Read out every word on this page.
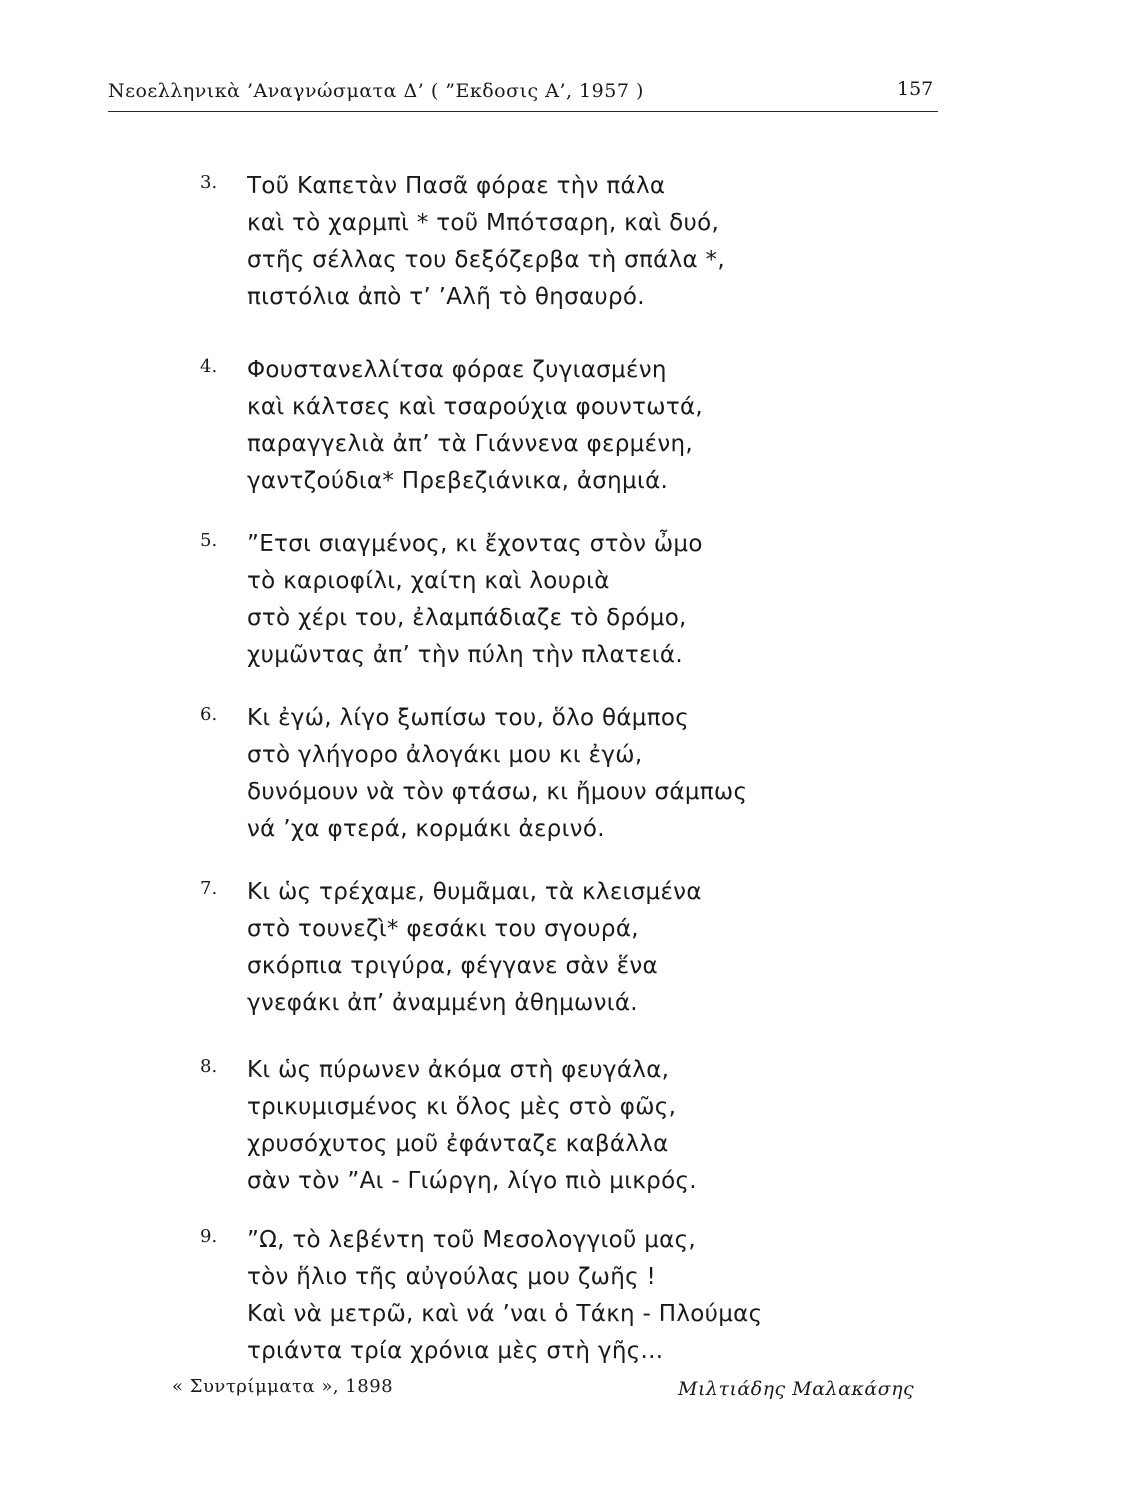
Νεοελληνικὰ ’Αναγνώσματα Δ’ ( ”Εκδοσις Α’, 1957 )	157
3. Τοῦ Καπετὰν Πασᾶ φόραε τὴν πάλα
καὶ τὸ χαρμπὶ * τοῦ Μπότσαρη, καὶ δυό,
στῆς σέλλας του δεξόζερβα τὴ σπάλα *,
πιστόλια ἀπὸ τ’ ’Αλῆ τὸ θησαυρό.
4. Φουστανελλίτσα φόραε ζυγιασμένη
καὶ κάλτσες καὶ τσαρούχια φουντωτά,
παραγγελιὰ ἀπ’ τὰ Γιάννενα φερμένη,
γαντζούδια* Πρεβεζιάνικα, ἀσημιά.
5. ”Ετσι σιαγμένος, κι ἔχοντας στὸν ὦμο
τὸ καριοφίλι, χαίτη καὶ λουριὰ
στὸ χέρι του, ἐλαμπάδιαζε τὸ δρόμο,
χυμῶντας ἀπ’ τὴν πύλη τὴν πλατειά.
6. Κι ἐγώ, λίγο ξωπίσω του, ὅλο θάμπος
στὸ γλήγορο ἀλογάκι μου κι ἐγώ,
δυνόμουν νὰ τὸν φτάσω, κι ἤμουν σάμπως
νά ’χα φτερά, κορμάκι ἀερινό.
7. Κι ὡς τρέχαμε, θυμᾶμαι, τὰ κλεισμένα
στὸ τουνεζὶ* φεσάκι του σγουρά,
σκόρπια τριγύρα, φέγγανε σὰν ἕνα
γνεφάκι ἀπ’ ἀναμμένη ἀθημωνιά.
8. Κι ὡς πύρωνεν ἀκόμα στὴ φευγάλα,
τρικυμισμένος κι ὅλος μὲς στὸ φῶς,
χρυσόχυτος μοῦ ἐφάνταζε καβάλλα
σὰν τὸν ”Αι - Γιώργη, λίγο πιὸ μικρός.
9. ”Ω, τὸ λεβέντη τοῦ Μεσολογγιοῦ μας,
τὸν ἥλιο τῆς αὐγούλας μου ζωῆς !
Καὶ νὰ μετρῶ, καὶ νά ’ναι ὁ Τάκη - Πλούμας
τριάντα τρία χρόνια μὲς στὴ γῆς...
« Συντρίμματα », 1898	Μιλτιάδης Μαλακάσης
